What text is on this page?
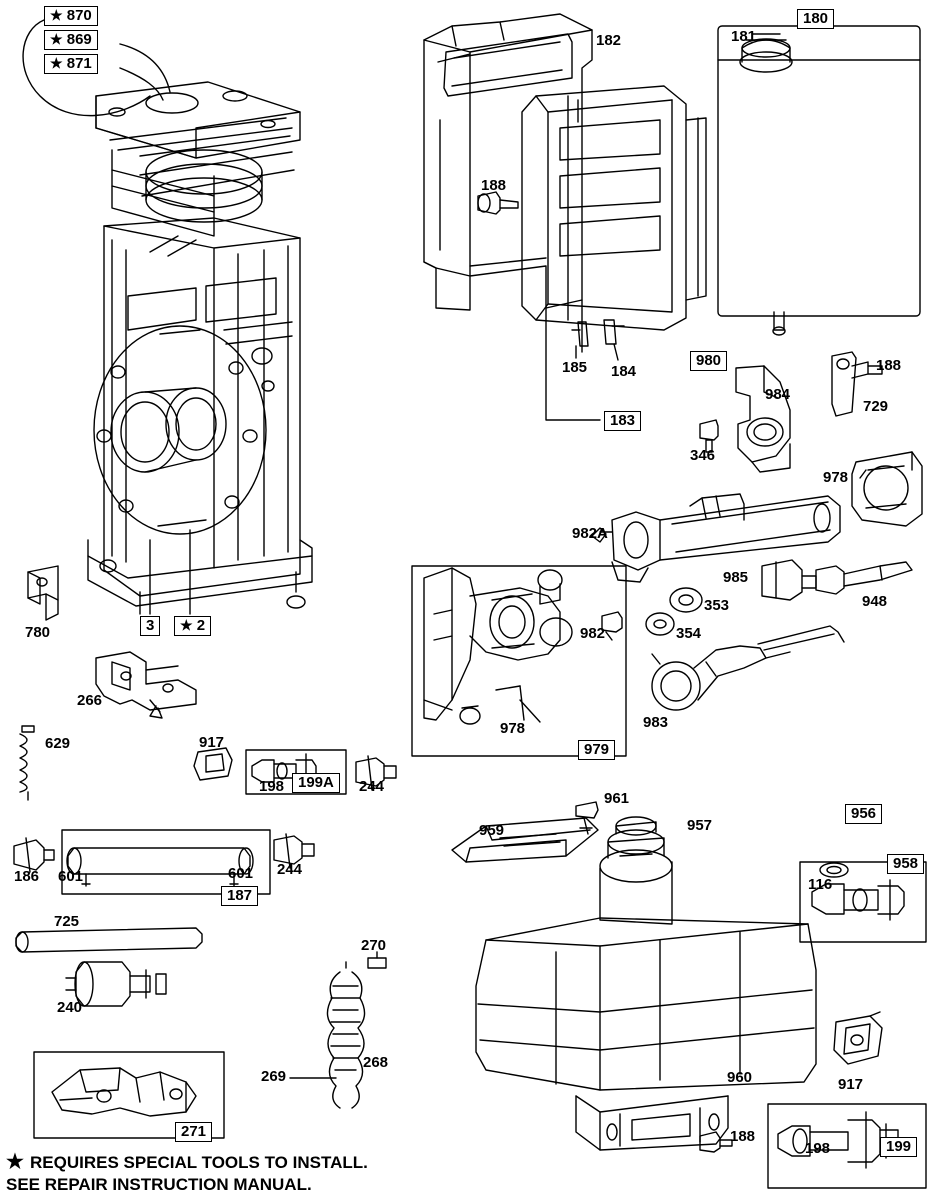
★ 870
★ 869
★ 871
182
180
181
188
185 184
183
980
984
188
729
346
978
982A
985
948
353
354
982
983
978
979
780	3	★ 2
266
629	917
198 199A	244
186 601	601 244
187
725
240
270
268
269
271
961
959	957
956
958
116
960
188
917
198	199
★ REQUIRES SPECIAL TOOLS TO INSTALL.
SEE REPAIR INSTRUCTION MANUAL.
